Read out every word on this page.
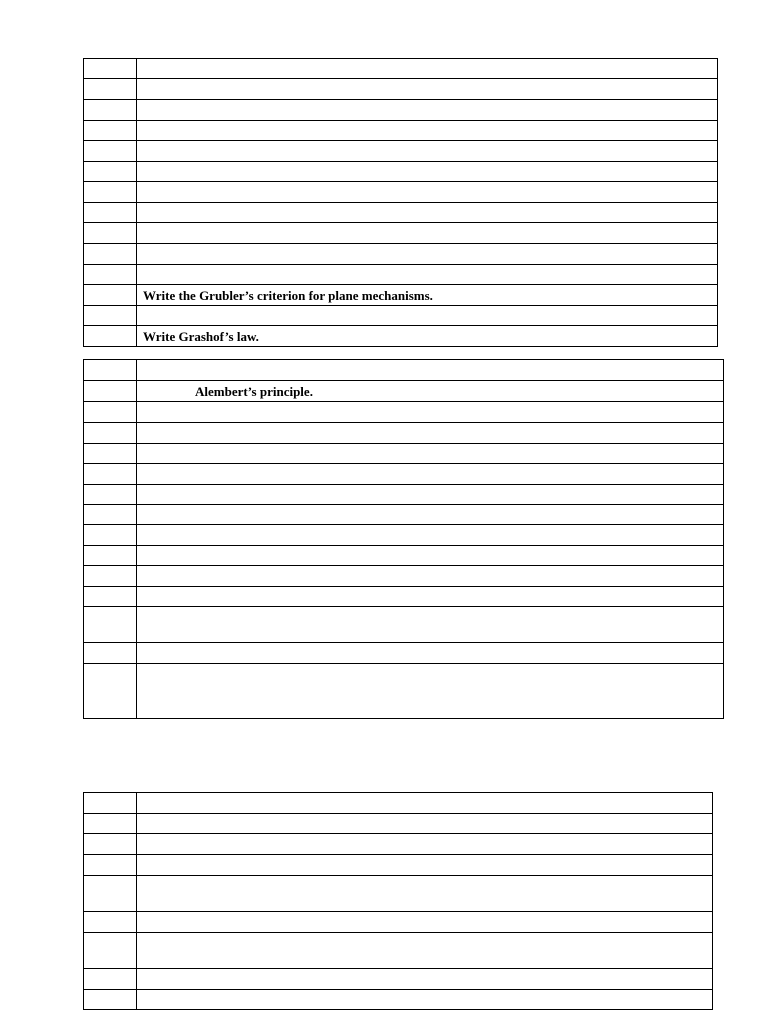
	Write the Grubler’s criterion for plane mechanisms.

	Write Grashof’s law.

	Alembert’s principle.
